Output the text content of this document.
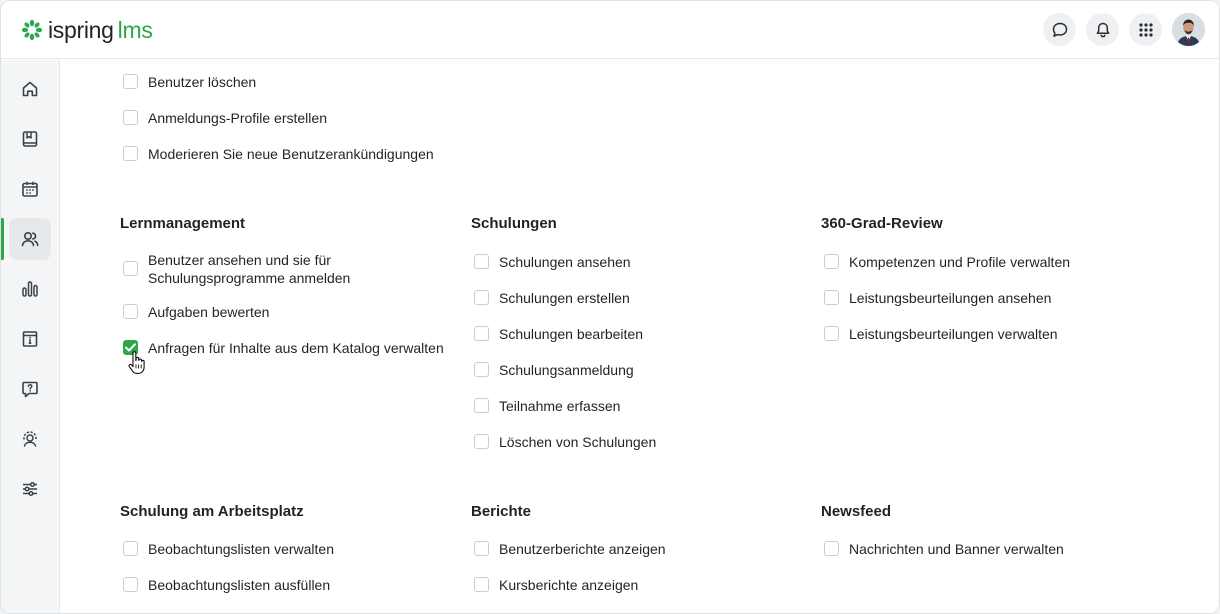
ispring lms
Benutzer löschen
Anmeldungs-Profile erstellen
Moderieren Sie neue Benutzerankündigungen
Lernmanagement	Schulungen	360-Grad-Review
Benutzer ansehen und sie für Schulungsprogramme anmelden
Aufgaben bewerten
Anfragen für Inhalte aus dem Katalog verwalten
Schulungen ansehen
Schulungen erstellen
Schulungen bearbeiten
Schulungsanmeldung
Teilnahme erfassen
Löschen von Schulungen
Kompetenzen und Profile verwalten
Leistungsbeurteilungen ansehen
Leistungsbeurteilungen verwalten
Schulung am Arbeitsplatz	Berichte	Newsfeed
Beobachtungslisten verwalten
Beobachtungslisten ausfüllen
Benutzerberichte anzeigen
Kursberichte anzeigen
Nachrichten und Banner verwalten
